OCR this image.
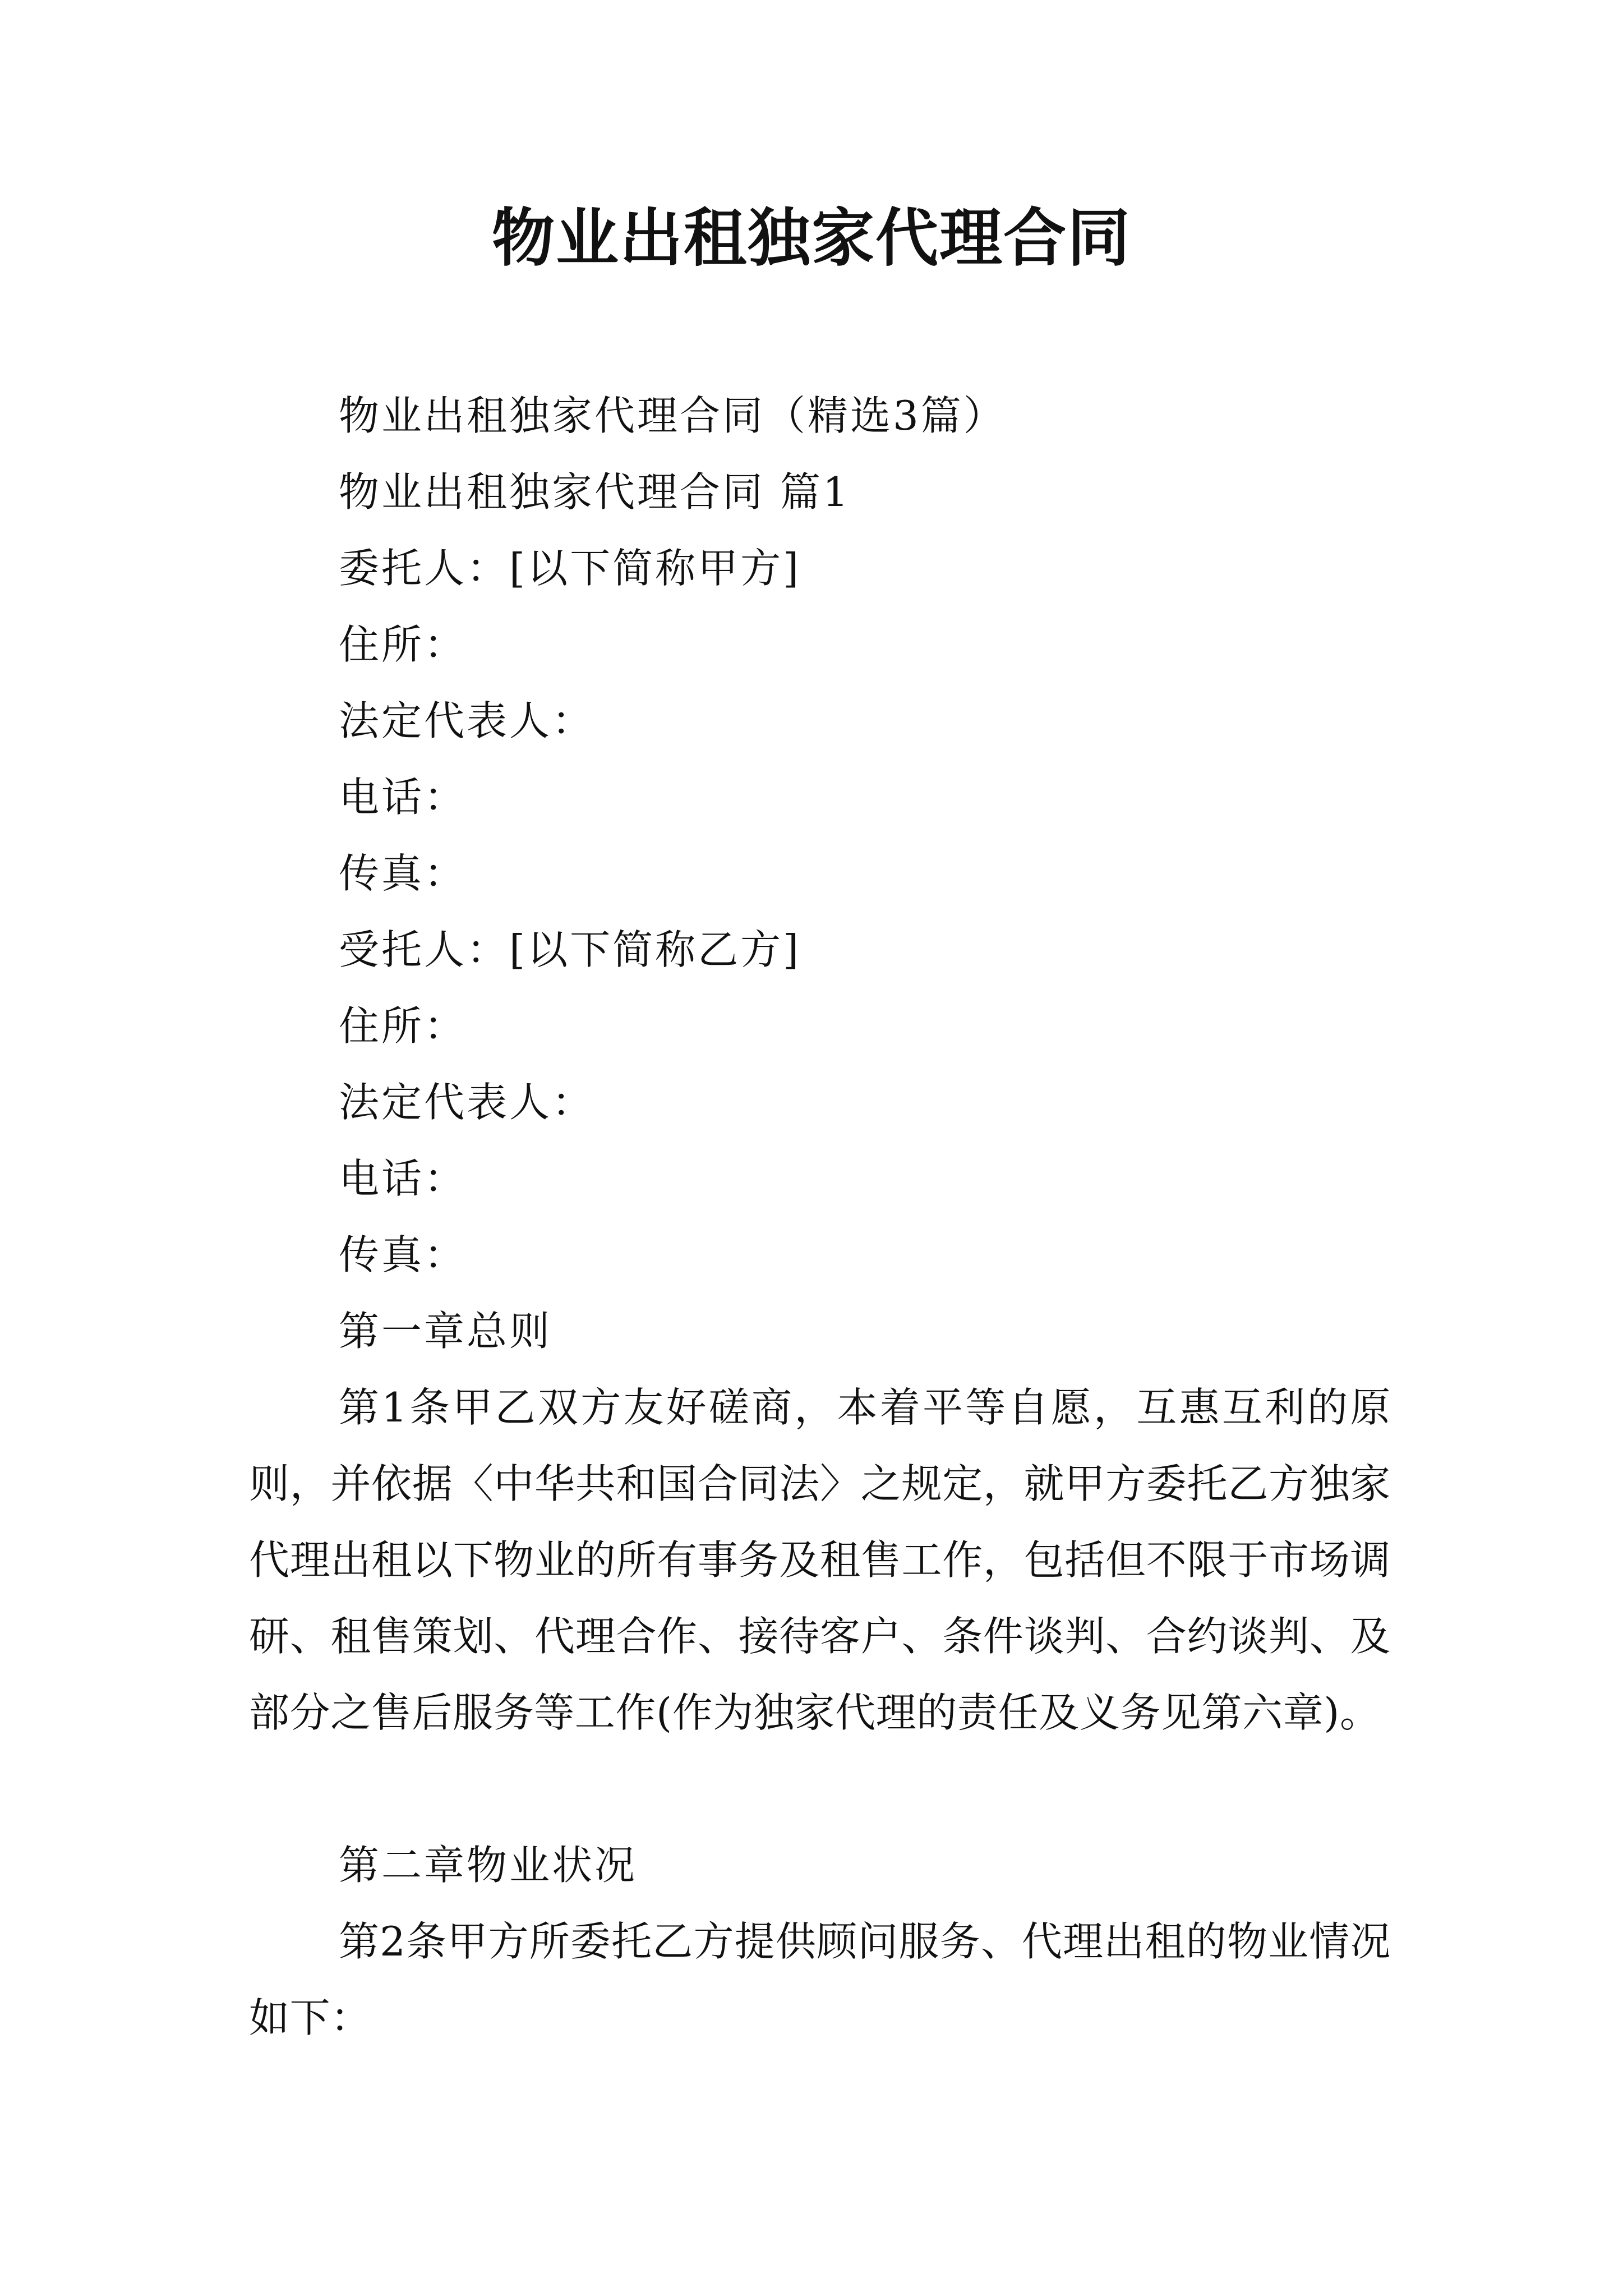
物业出租独家代理合同

物业出租独家代理合同（精选3篇）

物业出租独家代理合同 篇1

委托人：[以下简称甲方]

住所：

法定代表人：

电话：

传真：

受托人：[以下简称乙方]

住所：

法定代表人：

电话：

传真：

第一章总则

第1条甲乙双方友好磋商，本着平等自愿，互惠互利的原则，并依据〈中华共和国合同法〉之规定，就甲方委托乙方独家代理出租以下物业的所有事务及租售工作，包括但不限于市场调研、租售策划、代理合作、接待客户、条件谈判、合约谈判、及部分之售后服务等工作(作为独家代理的责任及义务见第六章)。

第二章物业状况

第2条甲方所委托乙方提供顾问服务、代理出租的物业情况如下：
